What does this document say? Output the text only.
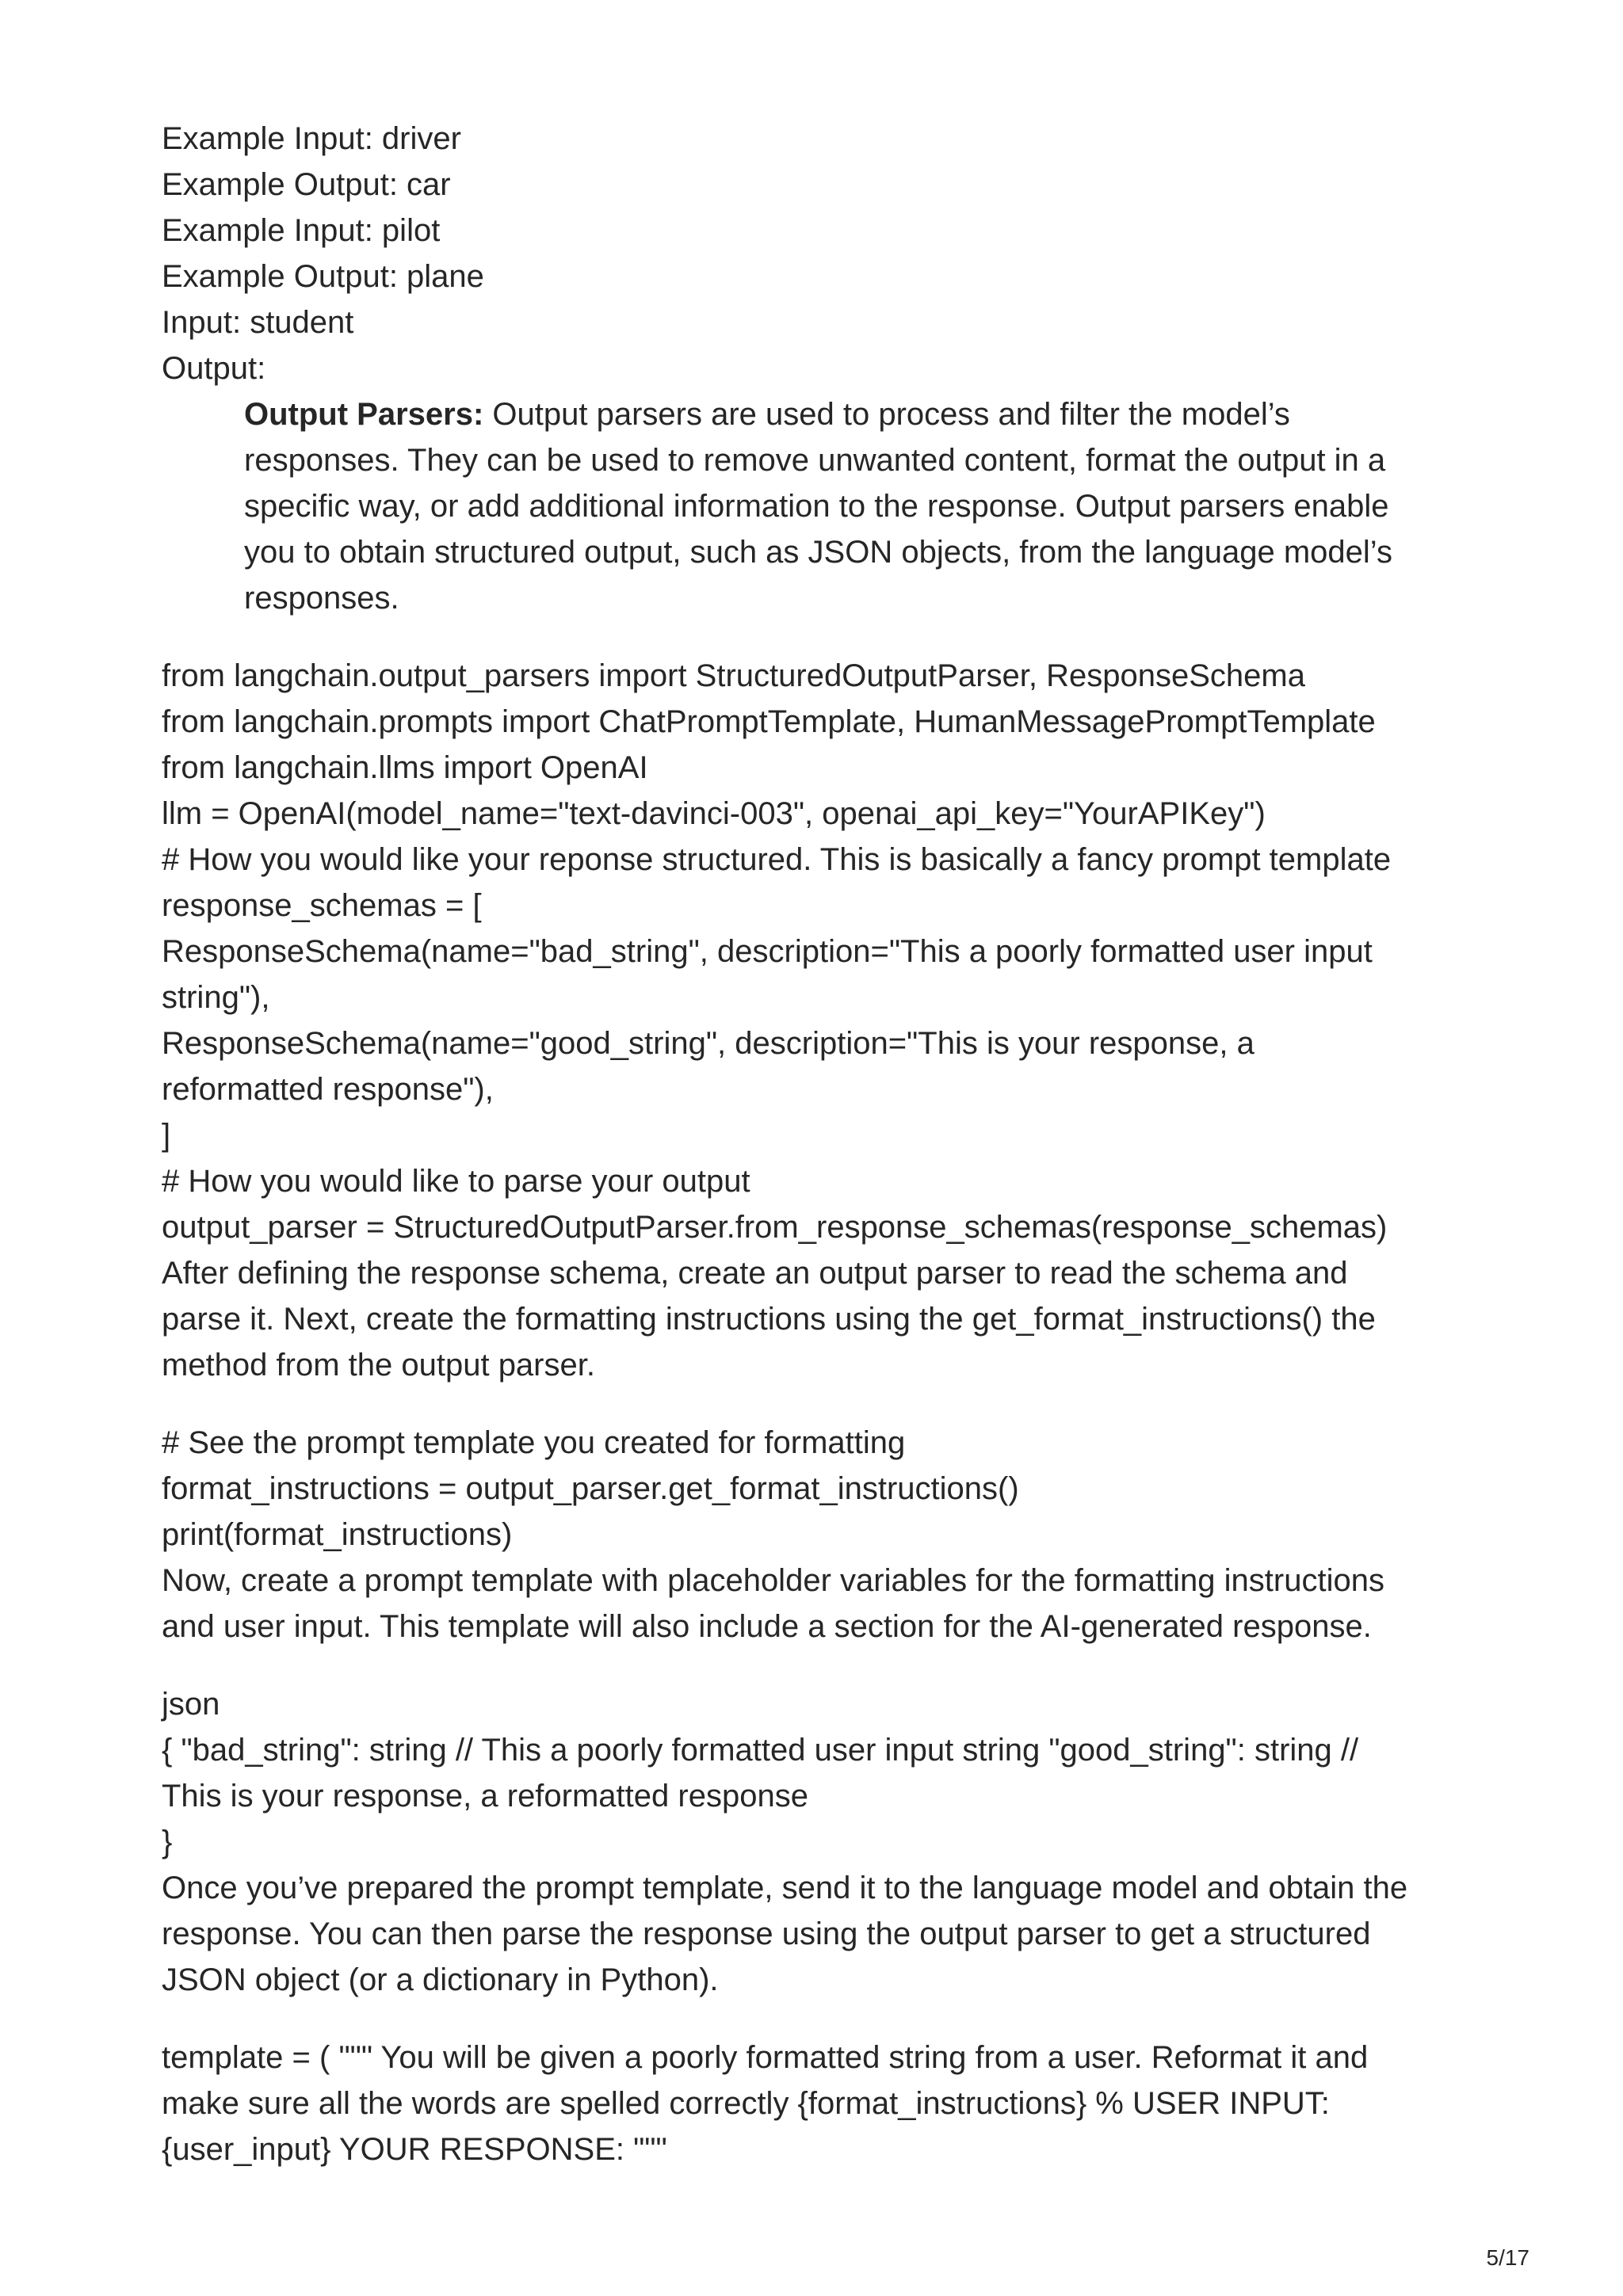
Example Input: driver
Example Output: car
Example Input: pilot
Example Output: plane
Input: student
Output:
Output Parsers: Output parsers are used to process and filter the model’s responses. They can be used to remove unwanted content, format the output in a specific way, or add additional information to the response. Output parsers enable you to obtain structured output, such as JSON objects, from the language model’s responses.
from langchain.output_parsers import StructuredOutputParser, ResponseSchema
from langchain.prompts import ChatPromptTemplate, HumanMessagePromptTemplate
from langchain.llms import OpenAI
llm = OpenAI(model_name="text-davinci-003", openai_api_key="YourAPIKey")
# How you would like your reponse structured. This is basically a fancy prompt template
response_schemas = [
ResponseSchema(name="bad_string", description="This a poorly formatted user input
string"),
ResponseSchema(name="good_string", description="This is your response, a
reformatted response"),
]
# How you would like to parse your output
output_parser = StructuredOutputParser.from_response_schemas(response_schemas)
After defining the response schema, create an output parser to read the schema and
parse it. Next, create the formatting instructions using the get_format_instructions() the
method from the output parser.
# See the prompt template you created for formatting
format_instructions = output_parser.get_format_instructions()
print(format_instructions)
Now, create a prompt template with placeholder variables for the formatting instructions
and user input. This template will also include a section for the AI-generated response.
json
{ "bad_string": string // This a poorly formatted user input string "good_string": string //
This is your response, a reformatted response
}
Once you’ve prepared the prompt template, send it to the language model and obtain the
response. You can then parse the response using the output parser to get a structured
JSON object (or a dictionary in Python).
template = ( """ You will be given a poorly formatted string from a user. Reformat it and
make sure all the words are spelled correctly {format_instructions} % USER INPUT:
{user_input} YOUR RESPONSE: """
5/17
